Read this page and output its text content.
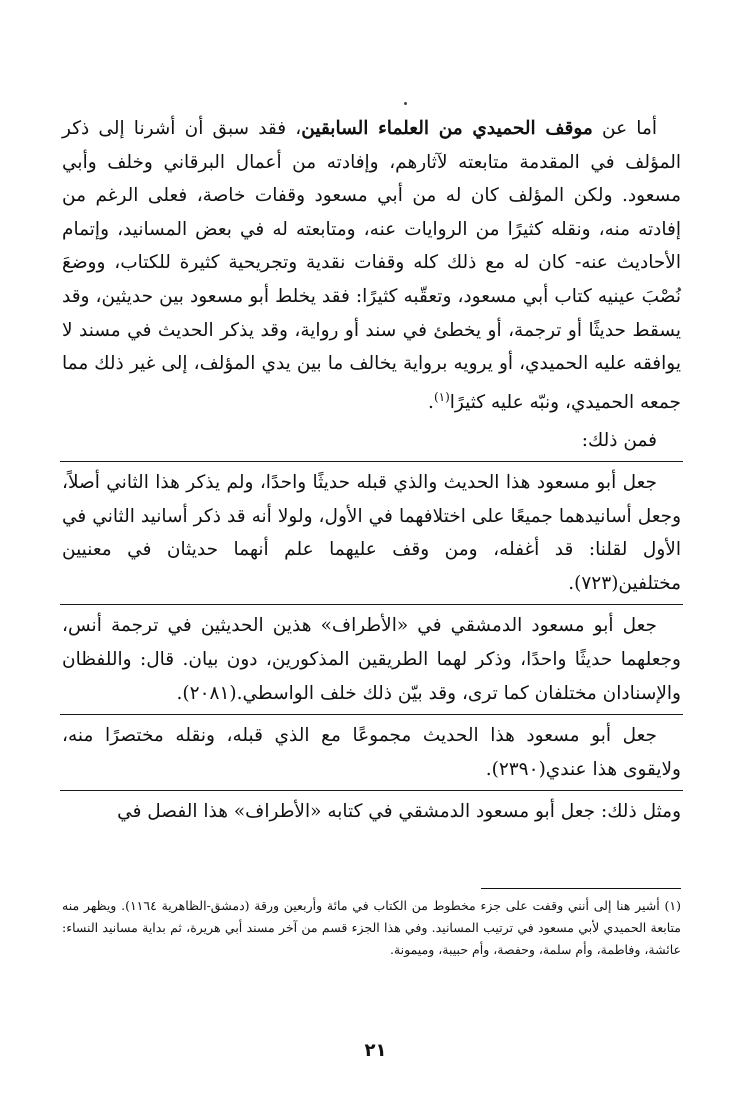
أما عن موقف الحميدي من العلماء السابقين، فقد سبق أن أشرنا إلى ذكر المؤلف في المقدمة متابعته لآثارهم، وإفادته من أعمال البرقاني وخلف وأبي مسعود. ولكن المؤلف كان له من أبي مسعود وقفات خاصة، فعلى الرغم من إفادته منه، ونقله كثيرًا من الروايات عنه، ومتابعته له في بعض المسانيد، وإتمام الأحاديث عنه- كان له مع ذلك كله وقفات نقدية وتجريحية كثيرة للكتاب، ووضعَ نُصْبَ عينيه كتاب أبي مسعود، وتعقّبه كثيرًا: فقد يخلط أبو مسعود بين حديثين، وقد يسقط حديثًا أو ترجمة، أو يخطئ في سند أو رواية، وقد يذكر الحديث في مسند لا يوافقه عليه الحميدي، أو يرويه برواية يخالف ما بين يدي المؤلف، إلى غير ذلك مما جمعه الحميدي، ونبّه عليه كثيرًا$^{(١)}$.

فمن ذلك:

جعل أبو مسعود هذا الحديث والذي قبله حديثًا واحدًا، ولم يذكر هذا الثاني أصلاً، وجعل أسانيدهما جميعًا على اختلافهما في الأول، ولولا أنه قد ذكر أسانيد الثاني في الأول لقلنا: قد أغفله، ومن وقف عليهما علم أنهما حديثان في معنيين مختلفين(٧٢٣).

جعل أبو مسعود الدمشقي في «الأطراف» هذين الحديثين في ترجمة أنس، وجعلهما حديثًا واحدًا، وذكر لهما الطريقين المذكورين، دون بيان. قال: واللفظان والإسنادان مختلفان كما ترى، وقد بيّن ذلك خلف الواسطي.(٢٠٨١).

جعل أبو مسعود هذا الحديث مجموعًا مع الذي قبله، ونقله مختصرًا منه، ولايقوى هذا عندي(٢٣٩٠).

ومثل ذلك: جعل أبو مسعود الدمشقي في كتابه «الأطراف» هذا الفصل في

(١) أشير هنا إلى أنني وقفت على جزء مخطوط من الكتاب في مائة وأربعين ورقة (دمشق-الظاهرية ١١٦٤). ويظهر منه متابعة الحميدي لأبي مسعود في ترتيب المسانيد. وفي هذا الجزء قسم من آخر مسند أبي هريرة، ثم بداية مسانيد النساء: عائشة، وفاطمة، وأم سلمة، وحفصة، وأم حبيبة، وميمونة.

٢١
